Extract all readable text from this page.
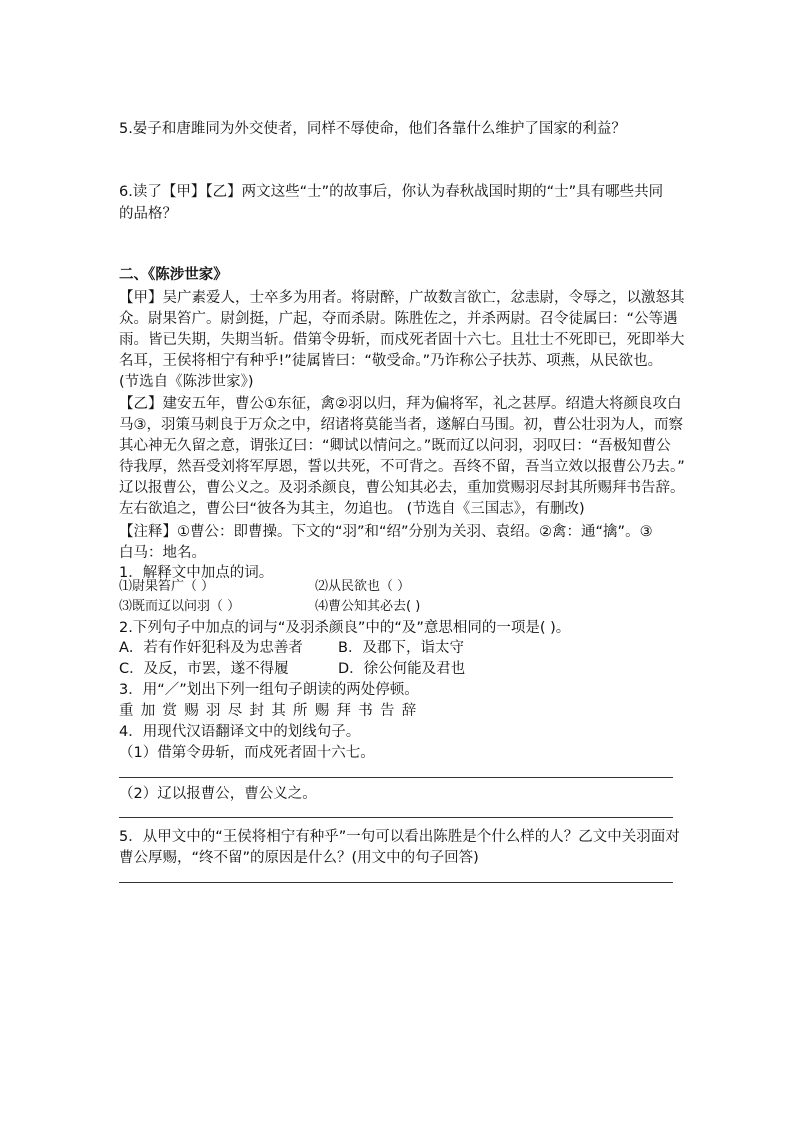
5.晏子和唐雎同为外交使者，同样不辱使命，他们各靠什么维护了国家的利益？
6.读了【甲】【乙】两文这些“士”的故事后，你认为春秋战国时期的“士”具有哪些共同
的品格？
二、《陈涉世家》
【甲】吴广素爱人，士卒多为用者。将尉醉，广故数言欲亡，忿恚尉，令辱之，以激怒其
众。尉果笞广。尉剑挺，广起，夺而杀尉。陈胜佐之，并杀两尉。召令徒属曰：“公等遇
雨。皆已失期，失期当斩。借第令毋斩，而戍死者固十六七。且壮士不死即已，死即举大
名耳，王侯将相宁有种乎!”徒属皆曰：“敬受命。”乃诈称公子扶苏、项燕，从民欲也。
(节选自《陈涉世家》)
【乙】建安五年，曹公①东征，禽②羽以归，拜为偏将军，礼之甚厚。绍遣大将颜良攻白
马③，羽策马刺良于万众之中，绍诸将莫能当者，遂解白马围。初，曹公壮羽为人，而察
其心神无久留之意，谓张辽曰：“卿试以情问之。”既而辽以问羽，羽叹曰：“吾极知曹公
待我厚，然吾受刘将军厚恩，誓以共死，不可背之。吾终不留，吾当立效以报曹公乃去。”
辽以报曹公，曹公义之。及羽杀颜良，曹公知其必去，重加赏赐羽尽封其所赐拜书告辞。
左右欲追之，曹公曰“彼各为其主，勿追也。 (节选自《三国志》，有删改)
【注释】①曹公：即曹操。下文的“羽”和“绍”分别为关羽、袁绍。②禽：通“擒”。③
白马：地名。
1．解释文中加点的词。
⑴尉果笞广（ ）	⑵从民欲也（ ）
⑶既而辽以问羽（ ）	⑷曹公知其必去( )
2.下列句子中加点的词与“及羽杀颜良”中的“及”意思相同的一项是( )。
A．若有作奸犯科及为忠善者 B．及郡下，诣太守
C．及反，市罢，遂不得履	D．徐公何能及君也
3．用“／”划出下列一组句子朗读的两处停顿。
重加赏赐羽尽封其所赐拜书告辞
4．用现代汉语翻译文中的划线句子。
（1）借第令毋斩，而戍死者固十六七。
（2）辽以报曹公，曹公义之。
5．从甲文中的“王侯将相宁有种乎”一句可以看出陈胜是个什么样的人？乙文中关羽面对
曹公厚赐，“终不留”的原因是什么？(用文中的句子回答)
